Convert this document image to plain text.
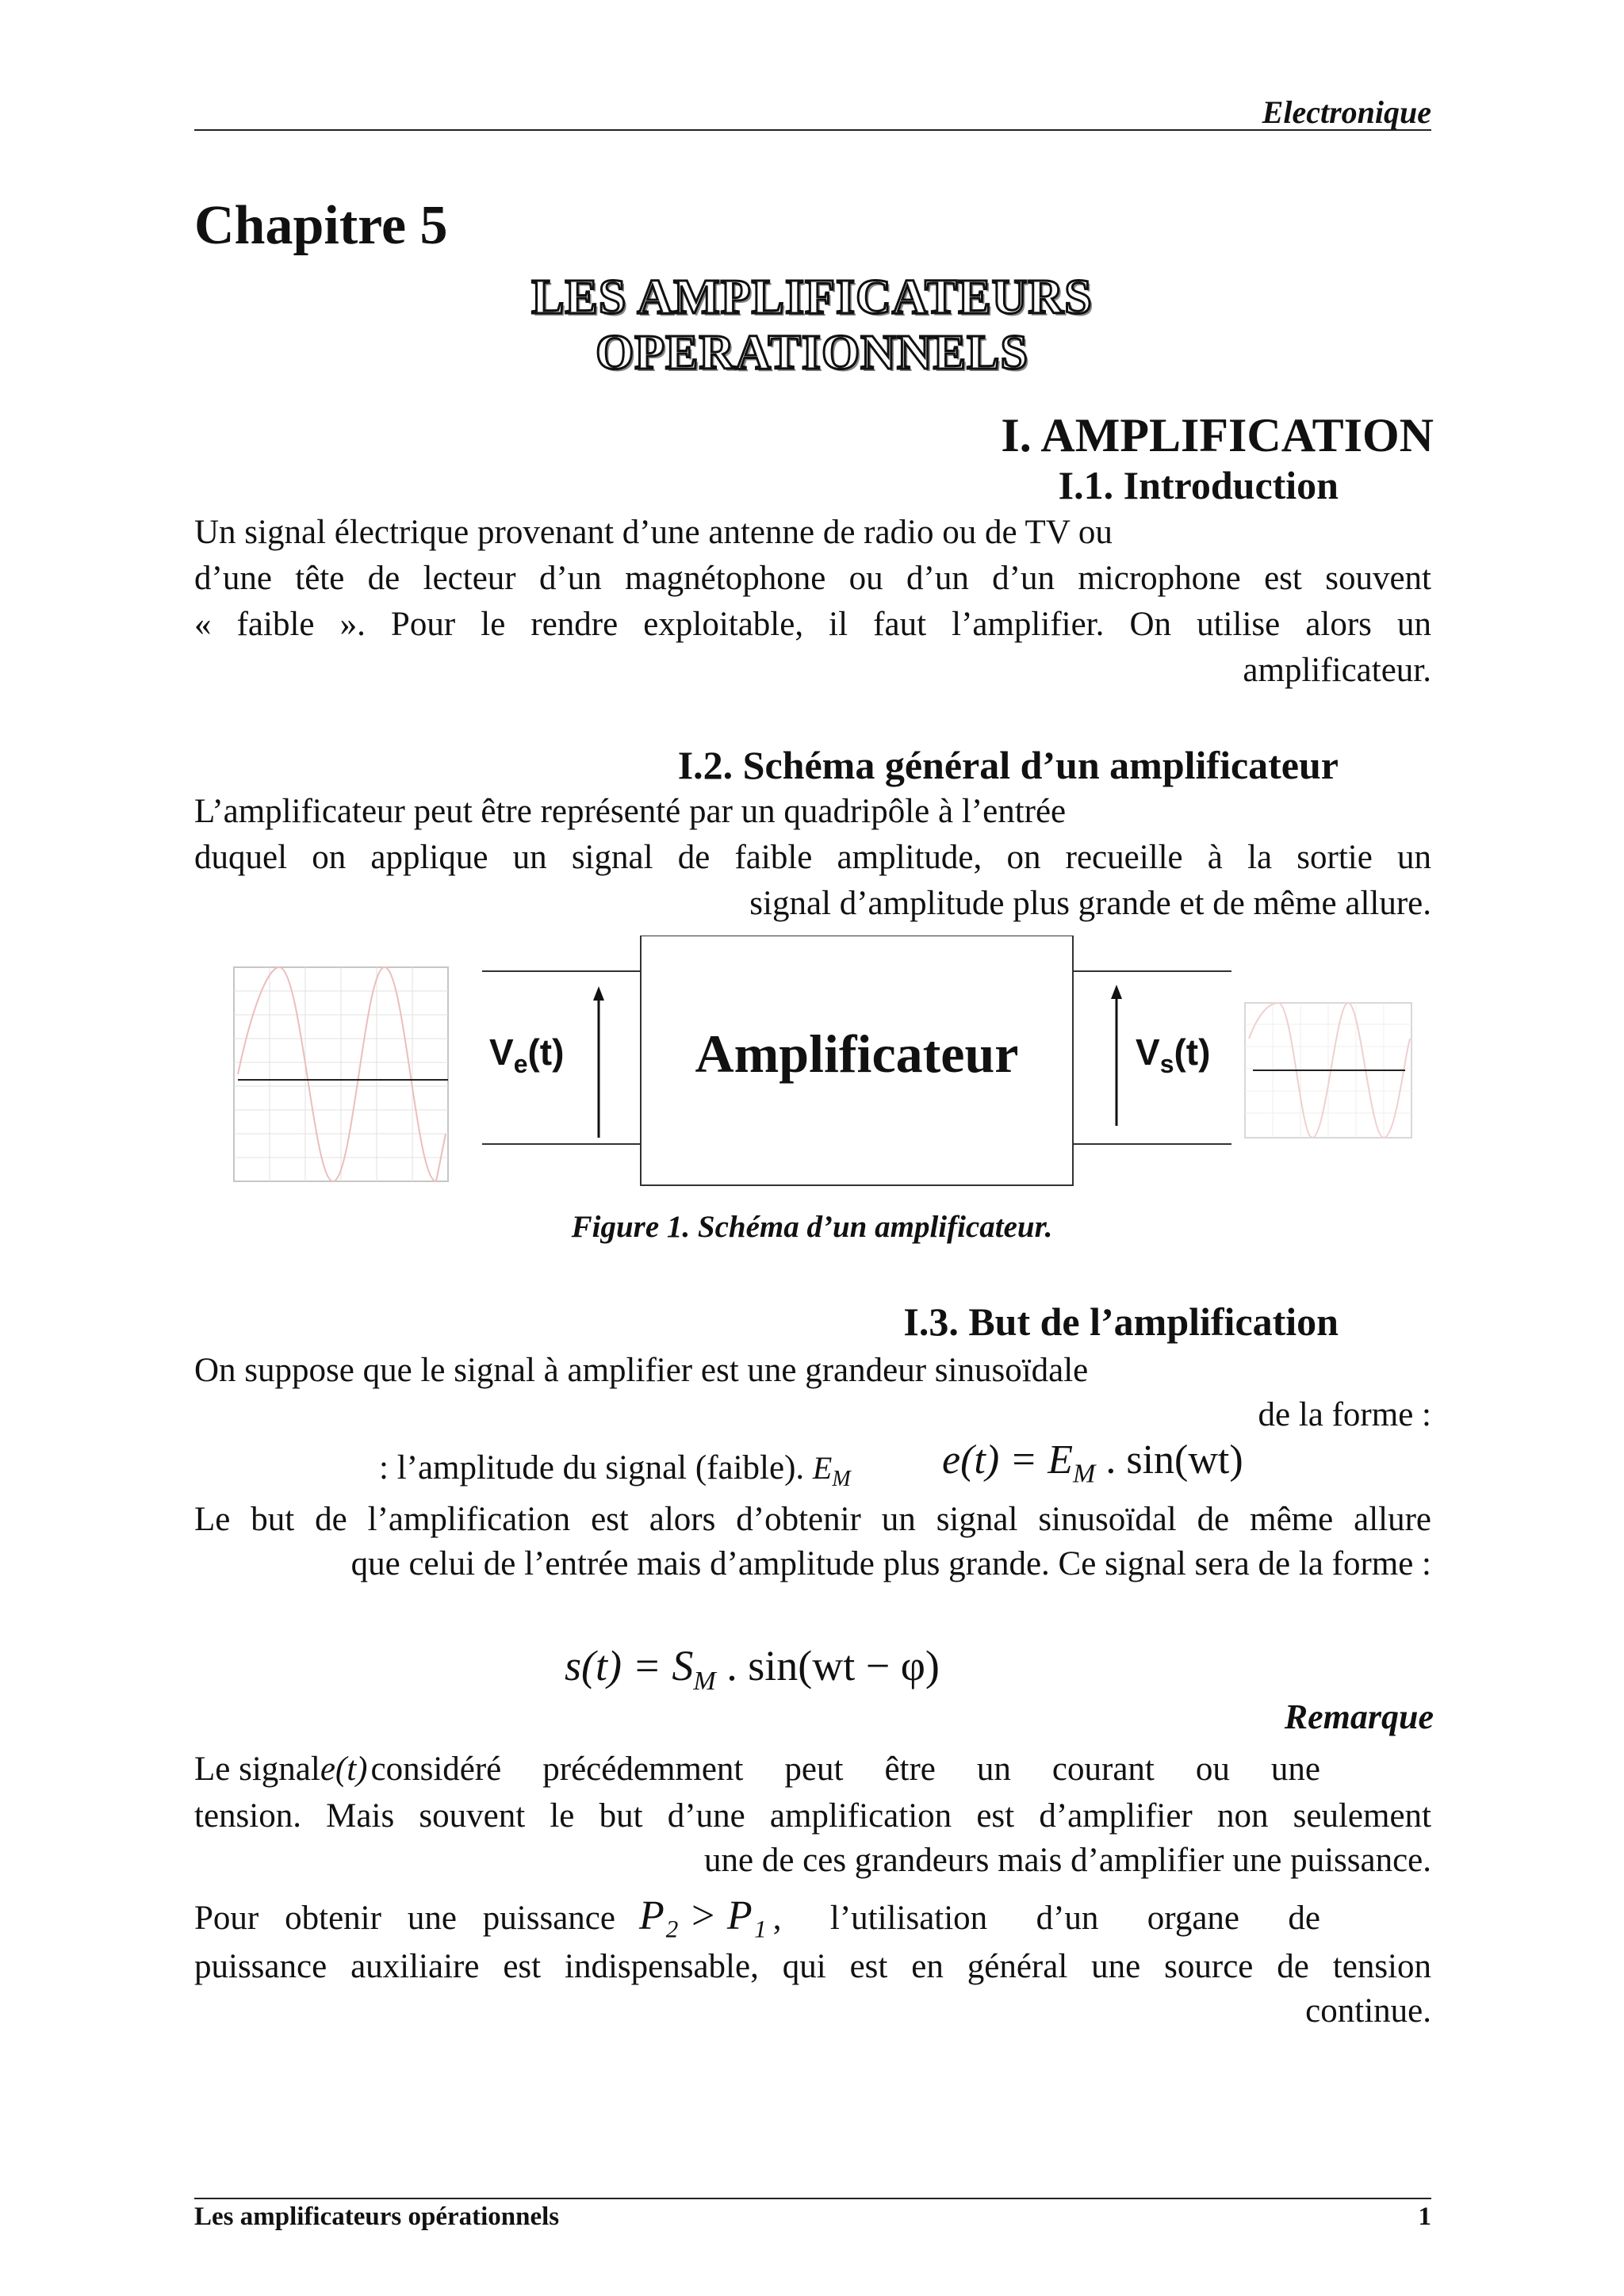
Electronique
Chapitre 5
LES AMPLIFICATEURS
OPERATIONNELS
I. AMPLIFICATION
I.1. Introduction
Un signal électrique provenant d’une antenne de radio ou de TV ou
d’une tête de lecteur d’un magnétophone ou d’un d’un microphone est souvent
« faible ». Pour le rendre exploitable, il faut l’amplifier. On utilise alors un
amplificateur.
I.2. Schéma général d’un amplificateur
L’amplificateur peut être représenté par un quadripôle à l’entrée
duquel on applique un signal de faible amplitude, on recueille à la sortie un
signal d’amplitude plus grande et de même allure.
$V_e(t)$	Amplificateur	$V_s(t)$
Figure 1. Schéma d’un amplificateur.
I.3. But de l’amplification
On suppose que le signal à amplifier est une grandeur sinusoïdale
de la forme :
: l’amplitude du signal (faible). $E_M$ $e(t) = E_M$ . sin(wt)
Le but de l’amplification est alors d’obtenir un signal sinusoïdal de même allure
que celui de l’entrée mais d’amplitude plus grande. Ce signal sera de la forme :
$s(t) = S_M$ . sin(wt − φ)
Remarque
Le signal e(t) considéré précédemment peut être un courant ou une
tension. Mais souvent le but d’une amplification est d’amplifier non seulement
une de ces grandeurs mais d’amplifier une puissance.
Pour obtenir une puissance P₂ > P₁ , l’utilisation d’un organe de
puissance auxiliaire est indispensable, qui est en général une source de tension
continue.
Les amplificateurs opérationnels	1
